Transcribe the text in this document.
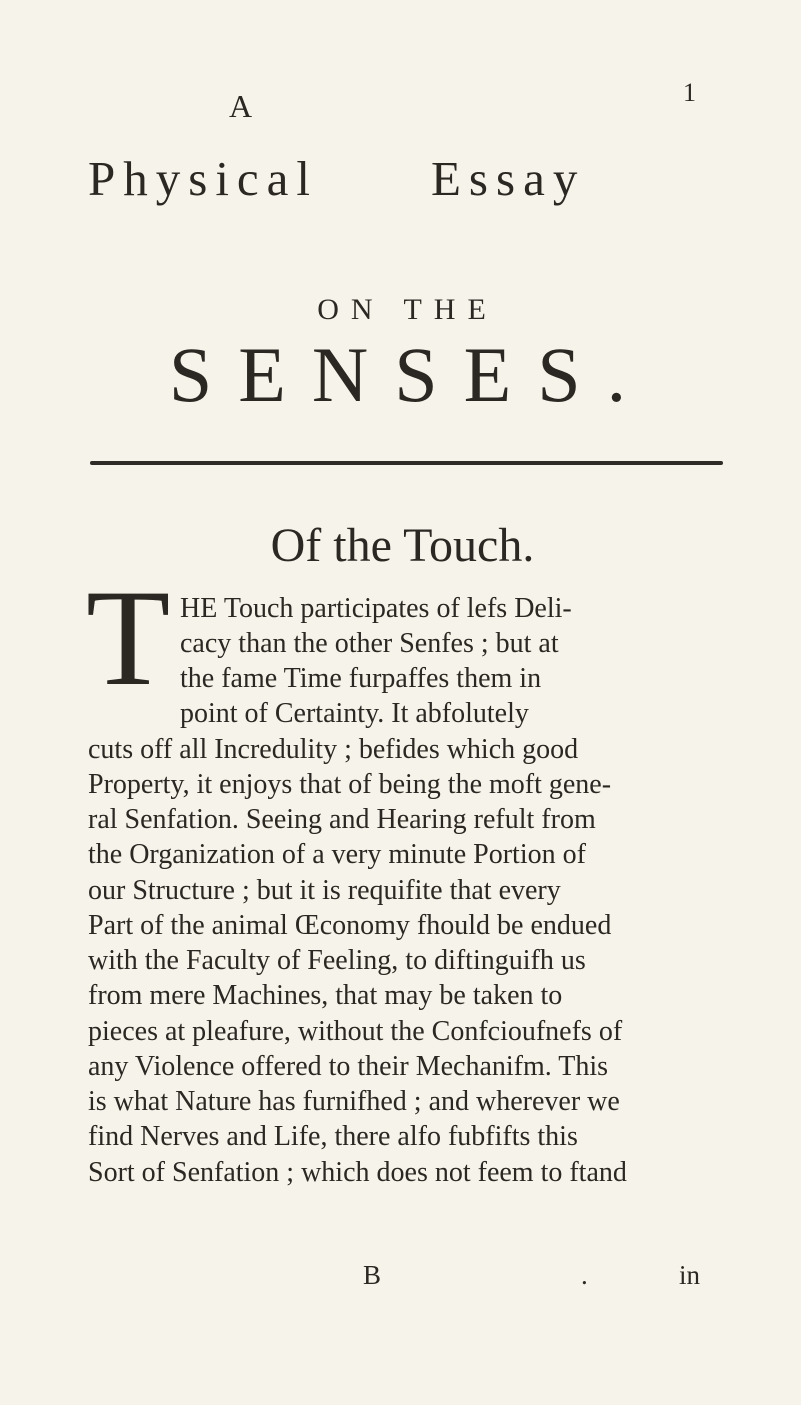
1
A
Physical Essay
ON THE
SENSES.
Of the Touch.
T HE Touch participates of lefs Deli-
cacy than the other Senfes ; but at
the fame Time furpaffes them in
point of Certainty. It abfolutely
cuts off all Incredulity ; befides which good
Property, it enjoys that of being the moft gene-
ral Senfation. Seeing and Hearing refult from
the Organization of a very minute Portion of
our Structure ; but it is requifite that every
Part of the animal Œconomy fhould be endued
with the Faculty of Feeling, to diftinguifh us
from mere Machines, that may be taken to
pieces at pleafure, without the Confcioufnefs of
any Violence offered to their Mechanifm. This
is what Nature has furnifhed ; and wherever we
find Nerves and Life, there alfo fubfifts this
Sort of Senfation ; which does not feem to ftand
B	.	in
